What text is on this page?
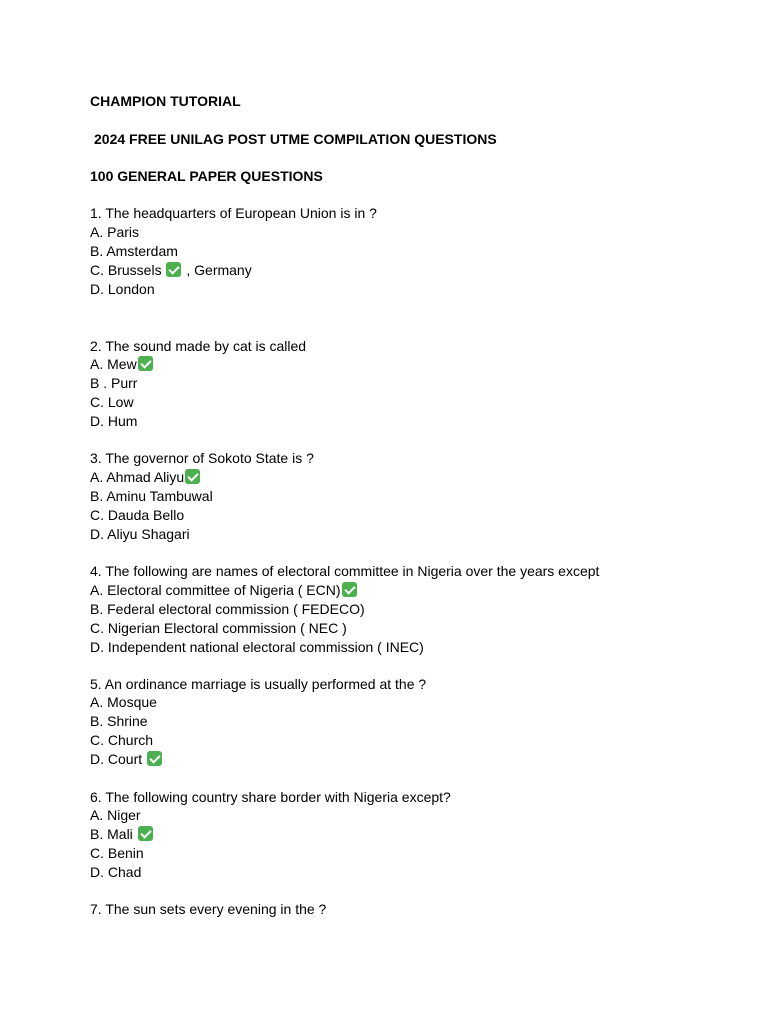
CHAMPION TUTORIAL
2024 FREE UNILAG POST UTME COMPILATION QUESTIONS
100 GENERAL PAPER QUESTIONS
1. The headquarters of European Union is in ?
A. Paris
B. Amsterdam
C. Brussels  , Germany
D. London
2. The sound made by cat is called
A. Mew
B . Purr
C. Low
D. Hum
3. The governor of Sokoto State is ?
A. Ahmad Aliyu
B. Aminu Tambuwal
C. Dauda Bello
D. Aliyu Shagari
4. The following are names of electoral committee in Nigeria over the years except
A. Electoral committee of Nigeria ( ECN)
B. Federal electoral commission ( FEDECO)
C. Nigerian Electoral commission ( NEC )
D. Independent national electoral commission ( INEC)
5. An ordinance marriage is usually performed at the ?
A. Mosque
B. Shrine
C. Church
D. Court
6. The following country share border with Nigeria except?
A. Niger
B. Mali
C. Benin
D. Chad
7. The sun sets every evening in the ?
